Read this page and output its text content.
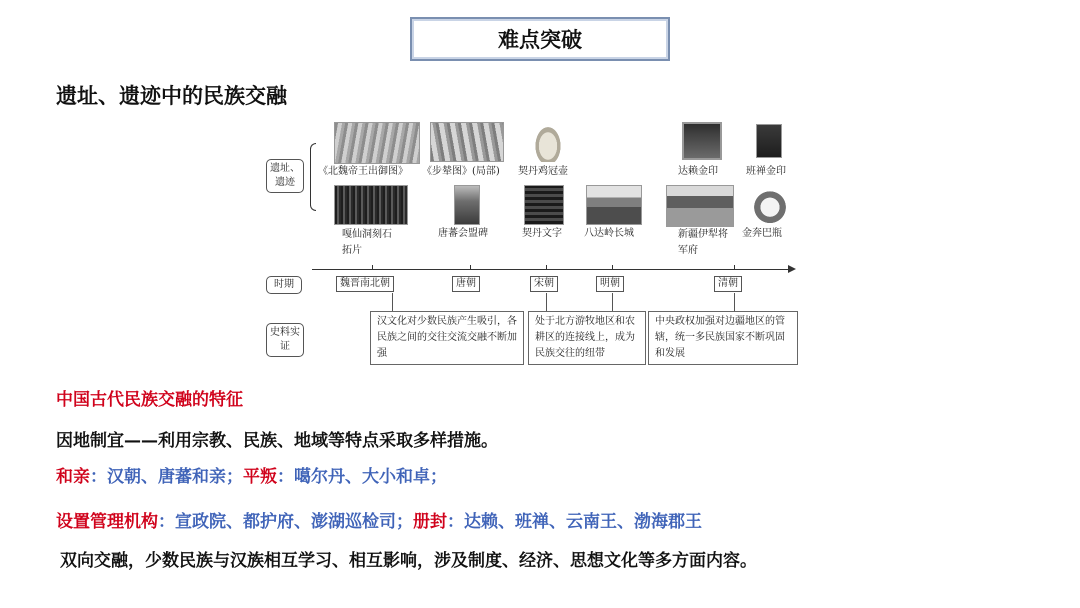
难点突破
遗址、遗迹中的民族交融
遗址、遗迹
时期
史料实证
《北魏帝王出御图》 《步辇图》(局部) 契丹鸡冠壶	达赖金印	班禅金印
嘎仙洞刻石拓片
唐蕃会盟碑	契丹文字 八达岭长城	新疆伊犁将军府
金奔巴瓶
魏晋南北朝	唐朝	宋朝	明朝	清朝
汉文化对少数民族产生吸引，各民族之间的交往交流交融不断加强
处于北方游牧地区和农耕区的连接线上，成为民族交往的纽带
中央政权加强对边疆地区的管辖，统一多民族国家不断巩固和发展
中国古代民族交融的特征
因地制宜——利用宗教、民族、地域等特点采取多样措施。
和亲：汉朝、唐蕃和亲；平叛：噶尔丹、大小和卓；
设置管理机构：宣政院、都护府、澎湖巡检司；册封：达赖、班禅、云南王、渤海郡王
双向交融，少数民族与汉族相互学习、相互影响，涉及制度、经济、思想文化等多方面内容。
